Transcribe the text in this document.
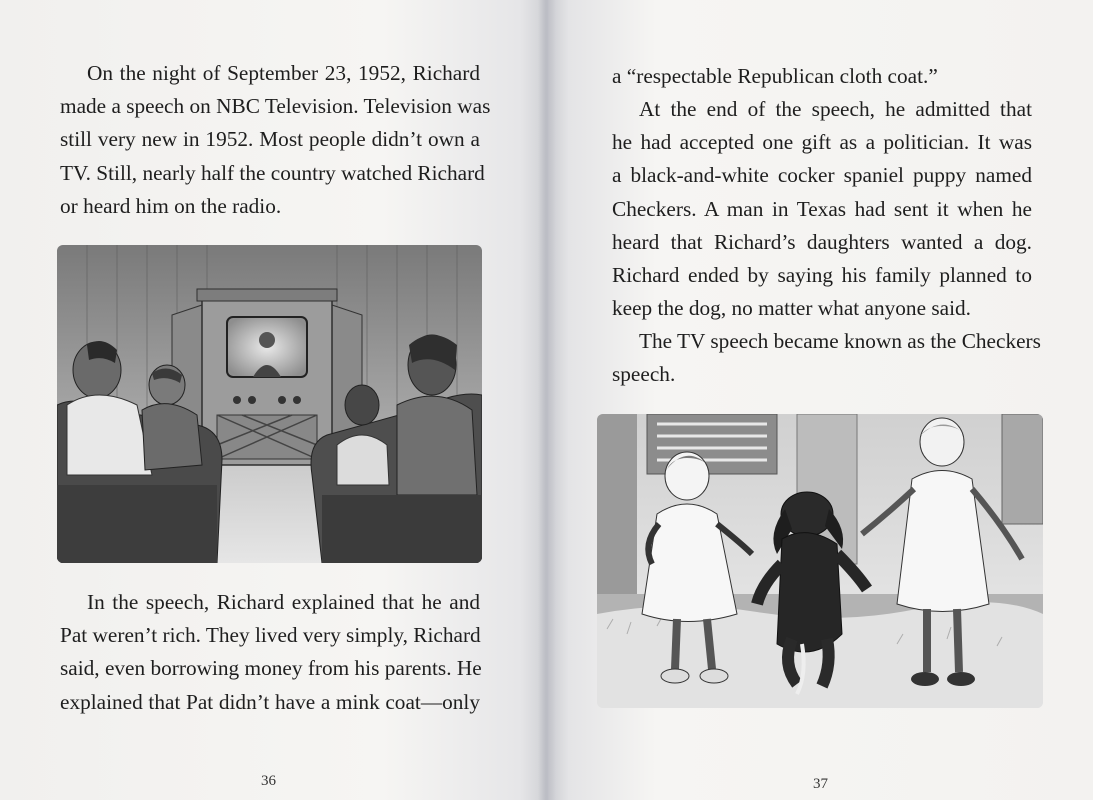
On the night of September 23, 1952, Richard
made a speech on NBC Television. Television was
still very new in 1952. Most people didn’t own a
TV. Still, nearly half the country watched Richard
or heard him on the radio.
In the speech, Richard explained that he and
Pat weren’t rich. They lived very simply, Richard
said, even borrowing money from his parents. He
explained that Pat didn’t have a mink coat—only
36
a “respectable Republican cloth coat.”
At the end of the speech, he admitted that
he had accepted one gift as a politician. It was
a black-and-white cocker spaniel puppy named
Checkers. A man in Texas had sent it when he
heard that Richard’s daughters wanted a dog.
Richard ended by saying his family planned to
keep the dog, no matter what anyone said.
The TV speech became known as the Checkers
speech.
37
